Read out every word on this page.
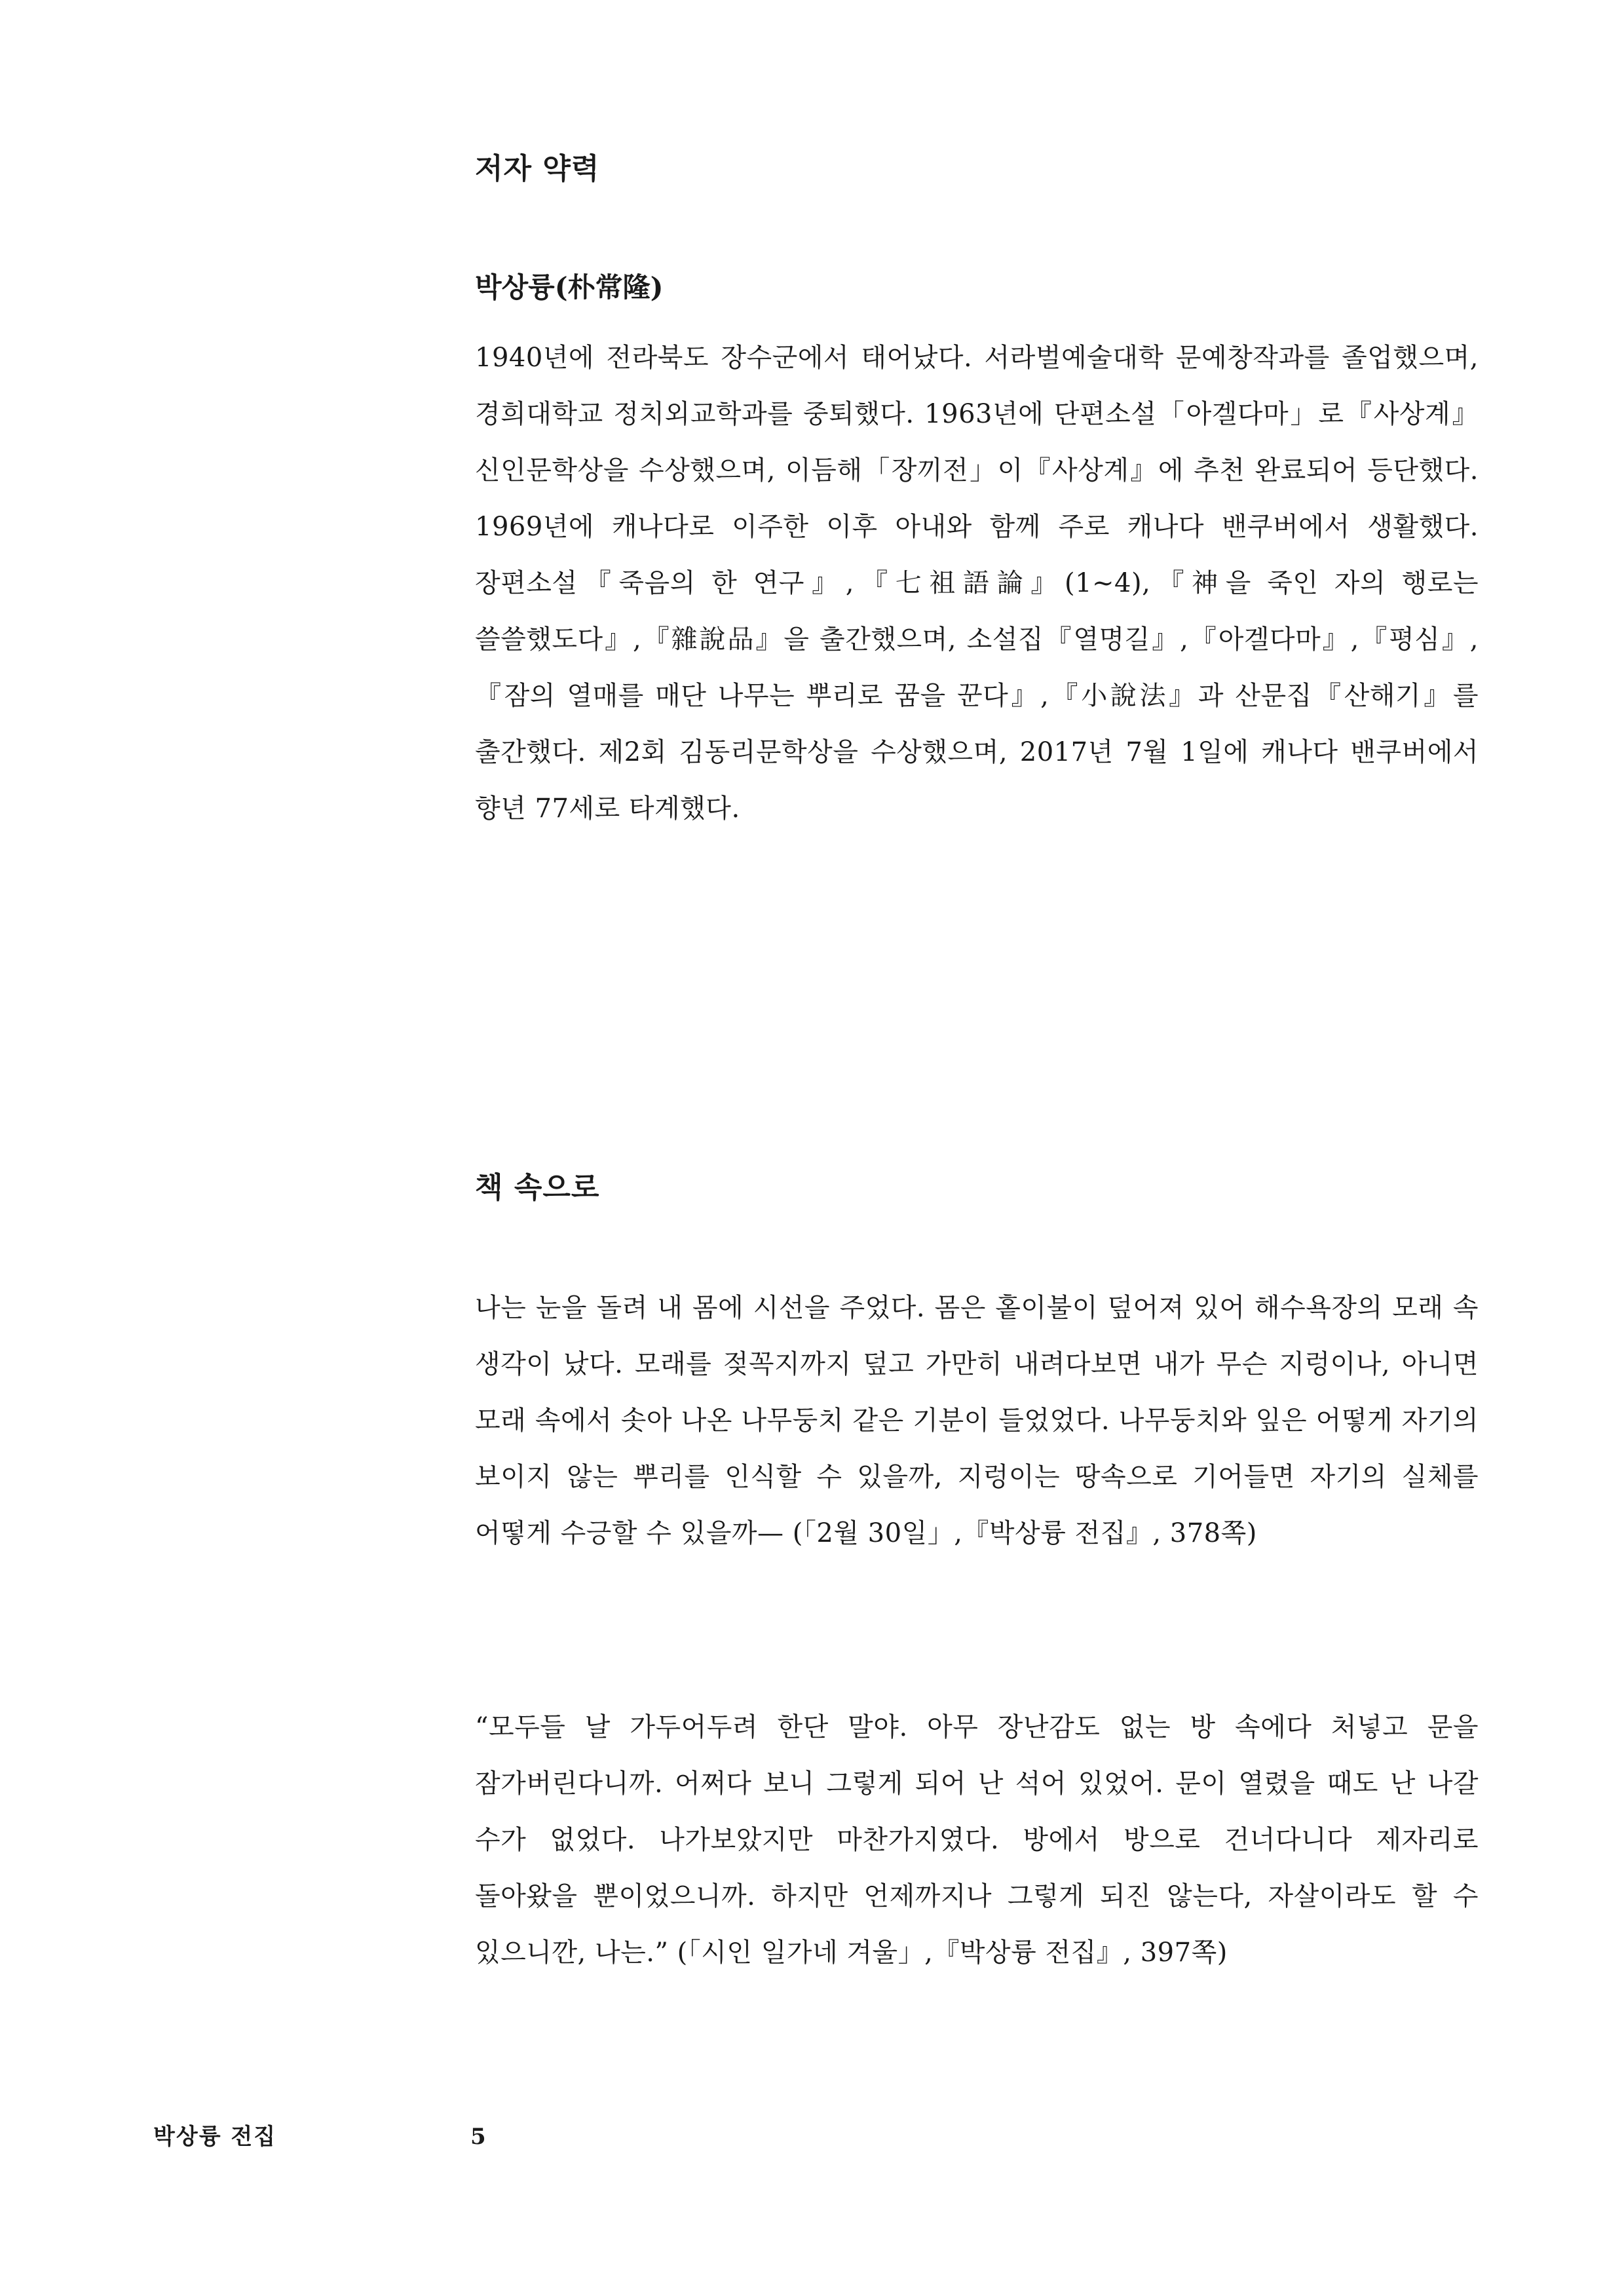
저자 약력

박상륭(朴常隆)

1940년에 전라북도 장수군에서 태어났다. 서라벌예술대학 문예창작과를 졸업했으며, 경희대학교 정치외교학과를 중퇴했다. 1963년에 단편소설「아겔다마」로『사상계』신인문학상을 수상했으며, 이듬해「장끼전」이『사상계』에 추천 완료되어 등단했다. 1969년에 캐나다로 이주한 이후 아내와 함께 주로 캐나다 밴쿠버에서 생활했다. 장편소설『죽음의 한 연구』,『七祖語論』(1~4),『神을 죽인 자의 행로는 쓸쓸했도다』,『雜說品』을 출간했으며, 소설집『열명길』,『아겔다마』,『평심』,『잠의 열매를 매단 나무는 뿌리로 꿈을 꾼다』,『小說法』과 산문집『산해기』를 출간했다. 제2회 김동리문학상을 수상했으며, 2017년 7월 1일에 캐나다 밴쿠버에서 향년 77세로 타계했다.

책 속으로

나는 눈을 돌려 내 몸에 시선을 주었다. 몸은 홑이불이 덮어져 있어 해수욕장의 모래 속 생각이 났다. 모래를 젖꼭지까지 덮고 가만히 내려다보면 내가 무슨 지렁이나, 아니면 모래 속에서 솟아 나온 나무둥치 같은 기분이 들었었다. 나무둥치와 잎은 어떻게 자기의 보이지 않는 뿌리를 인식할 수 있을까, 지렁이는 땅속으로 기어들면 자기의 실체를 어떻게 수긍할 수 있을까— (「2월 30일」,『박상륭 전집』, 378쪽)

“모두들 날 가두어두려 한단 말야. 아무 장난감도 없는 방 속에다 처넣고 문을 잠가버린다니까. 어쩌다 보니 그렇게 되어 난 석어 있었어. 문이 열렸을 때도 난 나갈 수가 없었다. 나가보았지만 마찬가지였다. 방에서 방으로 건너다니다 제자리로 돌아왔을 뿐이었으니까. 하지만 언제까지나 그렇게 되진 않는다, 자살이라도 할 수 있으니깐, 나는.” (「시인 일가네 겨울」,『박상륭 전집』, 397쪽)

박상륭 전집	5
